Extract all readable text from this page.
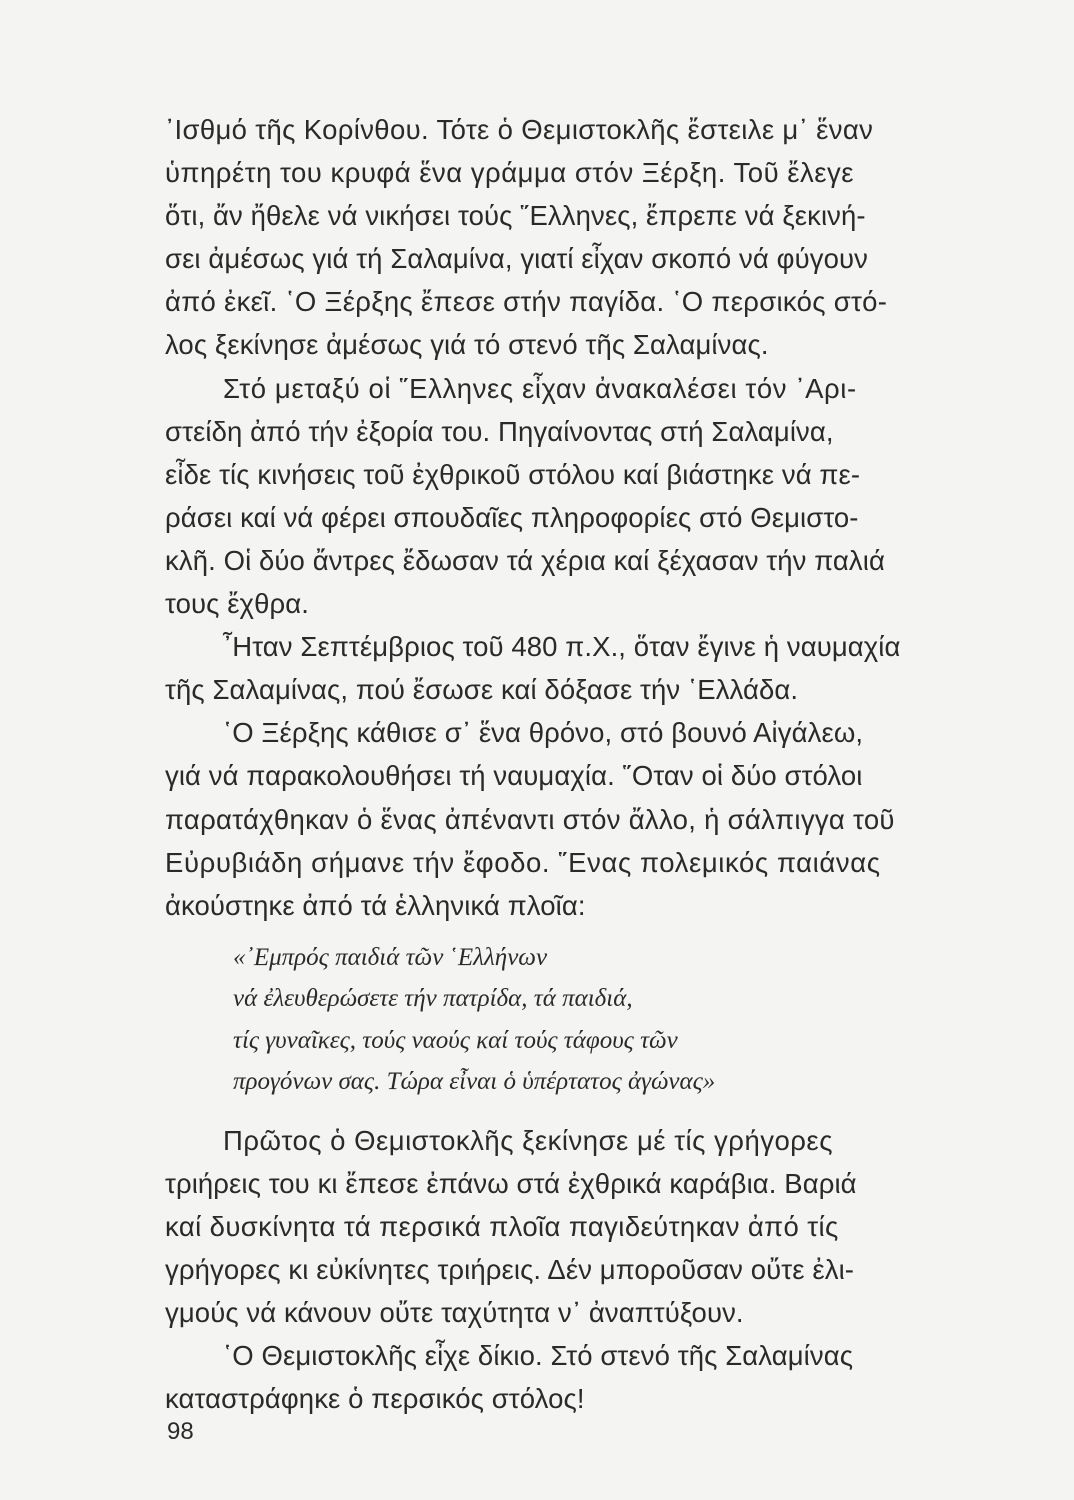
᾿Ισθμό τῆς Κορίνθου. Τότε ὁ Θεμιστοκλῆς ἔστειλε μ᾿ ἕναν
ὑπηρέτη του κρυφά ἕνα γράμμα στόν Ξέρξη. Τοῦ ἔλεγε
ὅτι, ἄν ἤθελε νά νικήσει τούς ῞Ελληνες, ἔπρεπε νά ξεκινή-
σει ἀμέσως γιά τή Σαλαμίνα, γιατί εἶχαν σκοπό νά φύγουν
ἀπό ἐκεῖ. ῾Ο Ξέρξης ἔπεσε στήν παγίδα. ῾Ο περσικός στό-
λος ξεκίνησε ἀμέσως γιά τό στενό τῆς Σαλαμίνας.
Στό μεταξύ οἱ ῞Ελληνες εἶχαν ἀνακαλέσει τόν ᾿Αρι-
στείδη ἀπό τήν ἐξορία του. Πηγαίνοντας στή Σαλαμίνα,
εἶδε τίς κινήσεις τοῦ ἐχθρικοῦ στόλου καί βιάστηκε νά πε-
ράσει καί νά φέρει σπουδαῖες πληροφορίες στό Θεμιστο-
κλῆ. Οἱ δύο ἄντρες ἔδωσαν τά χέρια καί ξέχασαν τήν παλιά
τους ἔχθρα.
῏Ηταν Σεπτέμβριος τοῦ 480 π.Χ., ὅταν ἔγινε ἡ ναυμαχία
τῆς Σαλαμίνας, πού ἔσωσε καί δόξασε τήν ῾Ελλάδα.
῾Ο Ξέρξης κάθισε σ᾿ ἕνα θρόνο, στό βουνό Αἰγάλεω,
γιά νά παρακολουθήσει τή ναυμαχία. ῞Οταν οἱ δύο στόλοι
παρατάχθηκαν ὁ ἕνας ἀπέναντι στόν ἄλλο, ἡ σάλπιγγα τοῦ
Εὐρυβιάδη σήμανε τήν ἔφοδο. ῞Ενας πολεμικός παιάνας
ἀκούστηκε ἀπό τά ἑλληνικά πλοῖα:
«᾿Εμπρός παιδιά τῶν ῾Ελλήνων
νά ἐλευθερώσετε τήν πατρίδα, τά παιδιά,
τίς γυναῖκες, τούς ναούς καί τούς τάφους τῶν
προγόνων σας. Τώρα εἶναι ὁ ὑπέρτατος ἀγώνας»
Πρῶτος ὁ Θεμιστοκλῆς ξεκίνησε μέ τίς γρήγορες
τριήρεις του κι ἔπεσε ἐπάνω στά ἐχθρικά καράβια. Βαριά
καί δυσκίνητα τά περσικά πλοῖα παγιδεύτηκαν ἀπό τίς
γρήγορες κι εὐκίνητες τριήρεις. Δέν μποροῦσαν οὔτε ἐλι-
γμούς νά κάνουν οὔτε ταχύτητα ν᾿ ἀναπτύξουν.
῾Ο Θεμιστοκλῆς εἶχε δίκιο. Στό στενό τῆς Σαλαμίνας
καταστράφηκε ὁ περσικός στόλος!
98
